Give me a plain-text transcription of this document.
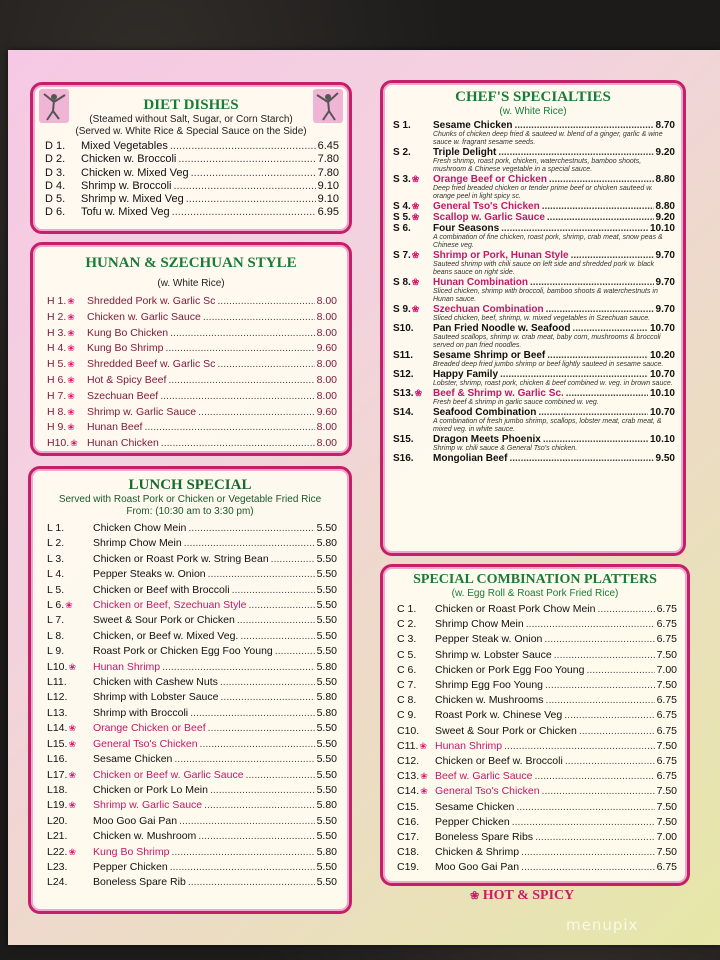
DIET DISHES
(Steamed without Salt, Sugar, or Corn Starch)
(Served w. White Rice & Special Sauce on the Side)
D 1.	Mixed Vegetables .....	6.45
D 2.	Chicken w. Broccoli .....	7.80
D 3.	Chicken w. Mixed Veg .....	7.80
D 4.	Shrimp w. Broccoli .....	9.10
D 5.	Shrimp w. Mixed Veg .....	9.10
D 6.	Tofu w. Mixed Veg .....	6.95
HUNAN & SZECHUAN STYLE
(w. White Rice)
H 1.❀	Shredded Pork w. Garlic Sc .....	8.00
H 2.❀	Chicken w. Garlic Sauce .....	8.00
H 3.❀	Kung Bo Chicken .....	8.00
H 4.❀	Kung Bo Shrimp .....	9.60
H 5.❀	Shredded Beef w. Garlic Sc .....	8.00
H 6.❀	Hot & Spicy Beef .....	8.00
H 7.❀	Szechuan Beef .....	8.00
H 8.❀	Shrimp w. Garlic Sauce .....	9.60
H 9.❀	Hunan Beef .....	8.00
H10.❀ Hunan Chicken .....	8.00
LUNCH SPECIAL
Served with Roast Pork or Chicken or Vegetable Fried Rice
From: (10:30 am to 3:30 pm)
L 1.	Chicken Chow Mein .....	5.50
L 2.	Shrimp Chow Mein .....	5.80
L 3.	Chicken or Roast Pork w. String Bean .....	5.50
L 4.	Pepper Steaks w. Onion .....	5.50
L 5.	Chicken or Beef with Broccoli .....	5.50
L 6.❀	Chicken or Beef, Szechuan Style .....	5.50
L 7.	Sweet & Sour Pork or Chicken .....	5.50
L 8.	Chicken, or Beef w. Mixed Veg. .....	5.50
L 9.	Roast Pork or Chicken Egg Foo Young .....	5.50
L10.❀	Hunan Shrimp .....	5.80
L11.	Chicken with Cashew Nuts .....	5.50
L12.	Shrimp with Lobster Sauce .....	5.80
L13.	Shrimp with Broccoli .....	5.80
L14.❀	Orange Chicken or Beef .....	5.50
L15.❀	General Tso's Chicken .....	5.50
L16.	Sesame Chicken .....	5.50
L17.❀	Chicken or Beef w. Garlic Sauce .....	5.50
L18.	Chicken or Pork Lo Mein .....	5.50
L19.❀	Shrimp w. Garlic Sauce .....	5.80
L20.	Moo Goo Gai Pan .....	5.50
L21.	Chicken w. Mushroom .....	5.50
L22.❀	Kung Bo Shrimp .....	5.80
L23.	Pepper Chicken .....	5.50
L24.	Boneless Spare Rib .....	5.50
CHEF'S SPECIALTIES
(w. White Rice)
S 1.	Sesame Chicken .....	8.70
Chunks of chicken deep fried & sauteed w. blend of a ginger, garlic & wine sauce w. fragrant sesame seeds.
S 2.	Triple Delight .....	9.20
Fresh shrimp, roast pork, chicken, waterchestnuts, bamboo shoots, mushroom & Chinese vegetable in a special sauce.
S 3.❀	Orange Beef or Chicken .....	8.80
Deep fried breaded chicken or tender prime beef or chicken sauteed w. orange peel in light spicy sc.
S 4.❀	General Tso's Chicken .....	8.80
S 5.❀	Scallop w. Garlic Sauce .....	9.20
S 6.	Four Seasons .....	10.10
A combination of fine chicken, roast pork, shrimp, crab meat, snow peas & Chinese veg.
S 7.❀	Shrimp or Pork, Hunan Style .....	9.70
Sauteed shrimp with chili sauce on left side and shredded pork w. black beans sauce on right side.
S 8.❀	Hunan Combination .....	9.70
Sliced chicken, shrimp with broccoli, bamboo shoots & waterchestnuts in Hunan sauce.
S 9.❀	Szechuan Combination .....	9.70
Sliced chicken, beef, shrimp, w. mixed vegetables in Szechuan sauce.
S10.	Pan Fried Noodle w. Seafood .....	10.70
Sauteed scallops, shrimp w. crab meat, baby corn, mushrooms & broccoli served on pan fried noodles.
S11.	Sesame Shrimp or Beef .....	10.20
Breaded deep fried jumbo shrimp or beef lightly sauteed in sesame sauce.
S12.	Happy Family .....	10.70
Lobster, shrimp, roast pork, chicken & beef combined w. veg. in brown sauce.
S13.❀	Beef & Shrimp w. Garlic Sc. .....	10.10
Fresh beef & shrimp in garlic sauce combined w. veg.
S14.	Seafood Combination .....	10.70
A combination of fresh jumbo shrimp, scallops, lobster meat, crab meat, & mixed veg. in white sauce.
S15.	Dragon Meets Phoenix .....	10.10
Shrimp w. chili sauce & General Tso's chicken.
S16.	Mongolian Beef .....	9.50
SPECIAL COMBINATION PLATTERS
(w. Egg Roll & Roast Pork Fried Rice)
C 1.	Chicken or Roast Pork Chow Mein .....	6.75
C 2.	Shrimp Chow Mein .....	6.75
C 3.	Pepper Steak w. Onion .....	6.75
C 5.	Shrimp w. Lobster Sauce .....	7.50
C 6.	Chicken or Pork Egg Foo Young .....	7.00
C 7.	Shrimp Egg Foo Young .....	7.50
C 8.	Chicken w. Mushrooms .....	6.75
C 9.	Roast Pork w. Chinese Veg .....	6.75
C10.	Sweet & Sour Pork or Chicken .....	6.75
C11.❀ Hunan Shrimp .....	7.50
C12.	Chicken or Beef w. Broccoli .....	6.75
C13.❀ Beef w. Garlic Sauce .....	6.75
C14.❀ General Tso's Chicken .....	7.50
C15.	Sesame Chicken .....	7.50
C16.	Pepper Chicken .....	7.50
C17.	Boneless Spare Ribs .....	7.00
C18.	Chicken & Shrimp .....	7.50
C19.	Moo Goo Gai Pan .....	6.75
❀ HOT & SPICY
menupix
